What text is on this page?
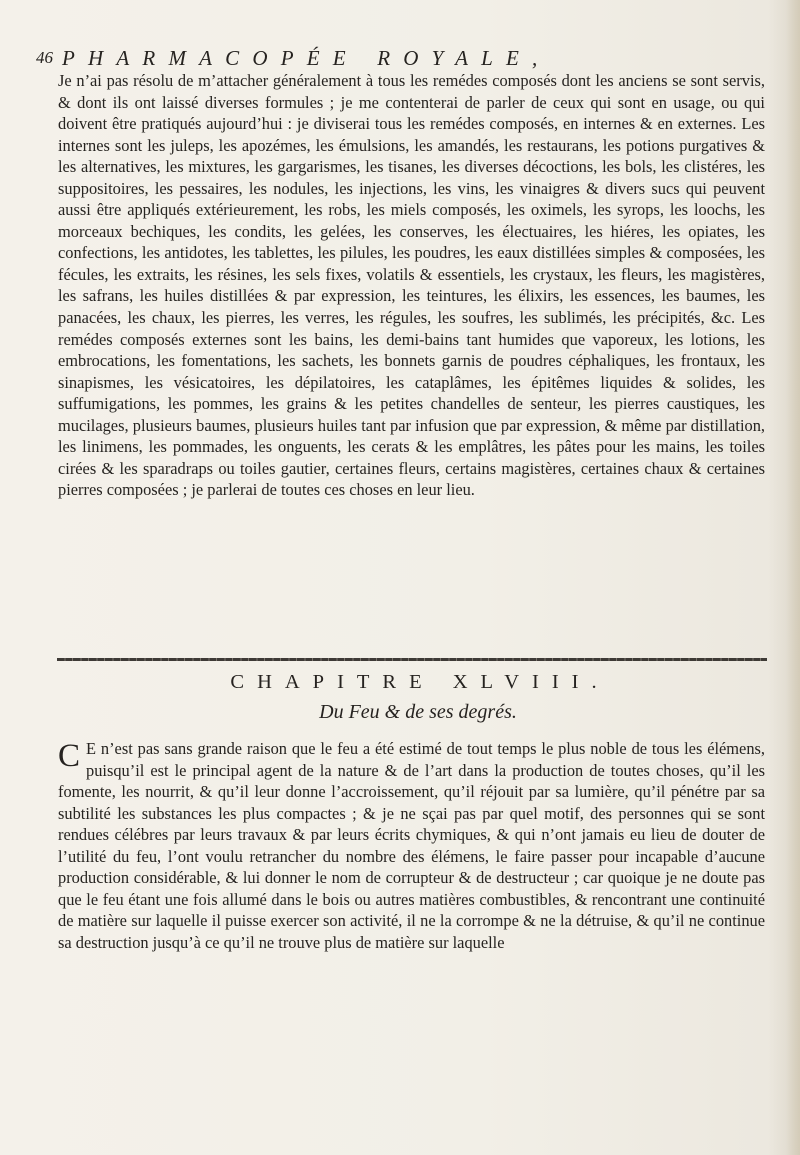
46 PHARMACOPÉE ROYALE,
Je n’ai pas résolu de m’attacher généralement à tous les remédes composés dont les anciens se sont servis, & dont ils ont laissé diverses formules ; je me contenterai de parler de ceux qui sont en usage, ou qui doivent être pratiqués aujourd’hui : je diviserai tous les remédes composés, en internes & en externes. Les internes sont les juleps, les apozémes, les émulsions, les amandés, les restaurans, les potions purgatives & les alternatives, les mixtures, les gargarismes, les tisanes, les diverses décoctions, les bols, les clistéres, les suppositoires, les pessaires, les nodules, les injections, les vins, les vinaigres & divers sucs qui peuvent aussi être appliqués extérieurement, les robs, les miels composés, les oximels, les syrops, les loochs, les morceaux bechiques, les condits, les gelées, les conserves, les électuaires, les hiéres, les opiates, les confections, les antidotes, les tablettes, les pilules, les poudres, les eaux distillées simples & composées, les fécules, les extraits, les résines, les sels fixes, volatils & essentiels, les crystaux, les fleurs, les magistères, les safrans, les huiles distillées & par expression, les teintures, les élixirs, les essences, les baumes, les panacées, les chaux, les pierres, les verres, les régules, les soufres, les sublimés, les précipités, &c. Les remédes composés externes sont les bains, les demi-bains tant humides que vaporeux, les lotions, les embrocations, les fomentations, les sachets, les bonnets garnis de poudres céphaliques, les frontaux, les sinapismes, les vésicatoires, les dépilatoires, les cataplâmes, les épitêmes liquides & solides, les suffumigations, les pommes, les grains & les petites chandelles de senteur, les pierres caustiques, les mucilages, plusieurs baumes, plusieurs huiles tant par infusion que par expression, & même par distillation, les linimens, les pommades, les onguents, les cerats & les emplâtres, les pâtes pour les mains, les toiles cirées & les sparadraps ou toiles gautier, certaines fleurs, certains magistères, certaines chaux & certaines pierres composées ; je parlerai de toutes ces choses en leur lieu.
CHAPITRE XLVIII.
Du Feu & de ses degrés.
C E n’est pas sans grande raison que le feu a été estimé de tout temps le plus noble de tous les élémens, puisqu’il est le principal agent de la nature & de l’art dans la production de toutes choses, qu’il les fomente, les nourrit, & qu’il leur donne l’accroissement, qu’il réjouit par sa lumière, qu’il pénétre par sa subtilité les substances les plus compactes ; & je ne sçai pas par quel motif, des personnes qui se sont rendues célébres par leurs travaux & par leurs écrits chymiques, & qui n’ont jamais eu lieu de douter de l’utilité du feu, l’ont voulu retrancher du nombre des élémens, le faire passer pour incapable d’aucune production considérable, & lui donner le nom de corrupteur & de destructeur ; car quoique je ne doute pas que le feu étant une fois allumé dans le bois ou autres matières combustibles, & rencontrant une continuité de matière sur laquelle il puisse exercer son activité, il ne la corrompe & ne la détruise, & qu’il ne continue sa destruction jusqu’à ce qu’il ne trouve plus de matière sur laquelle
